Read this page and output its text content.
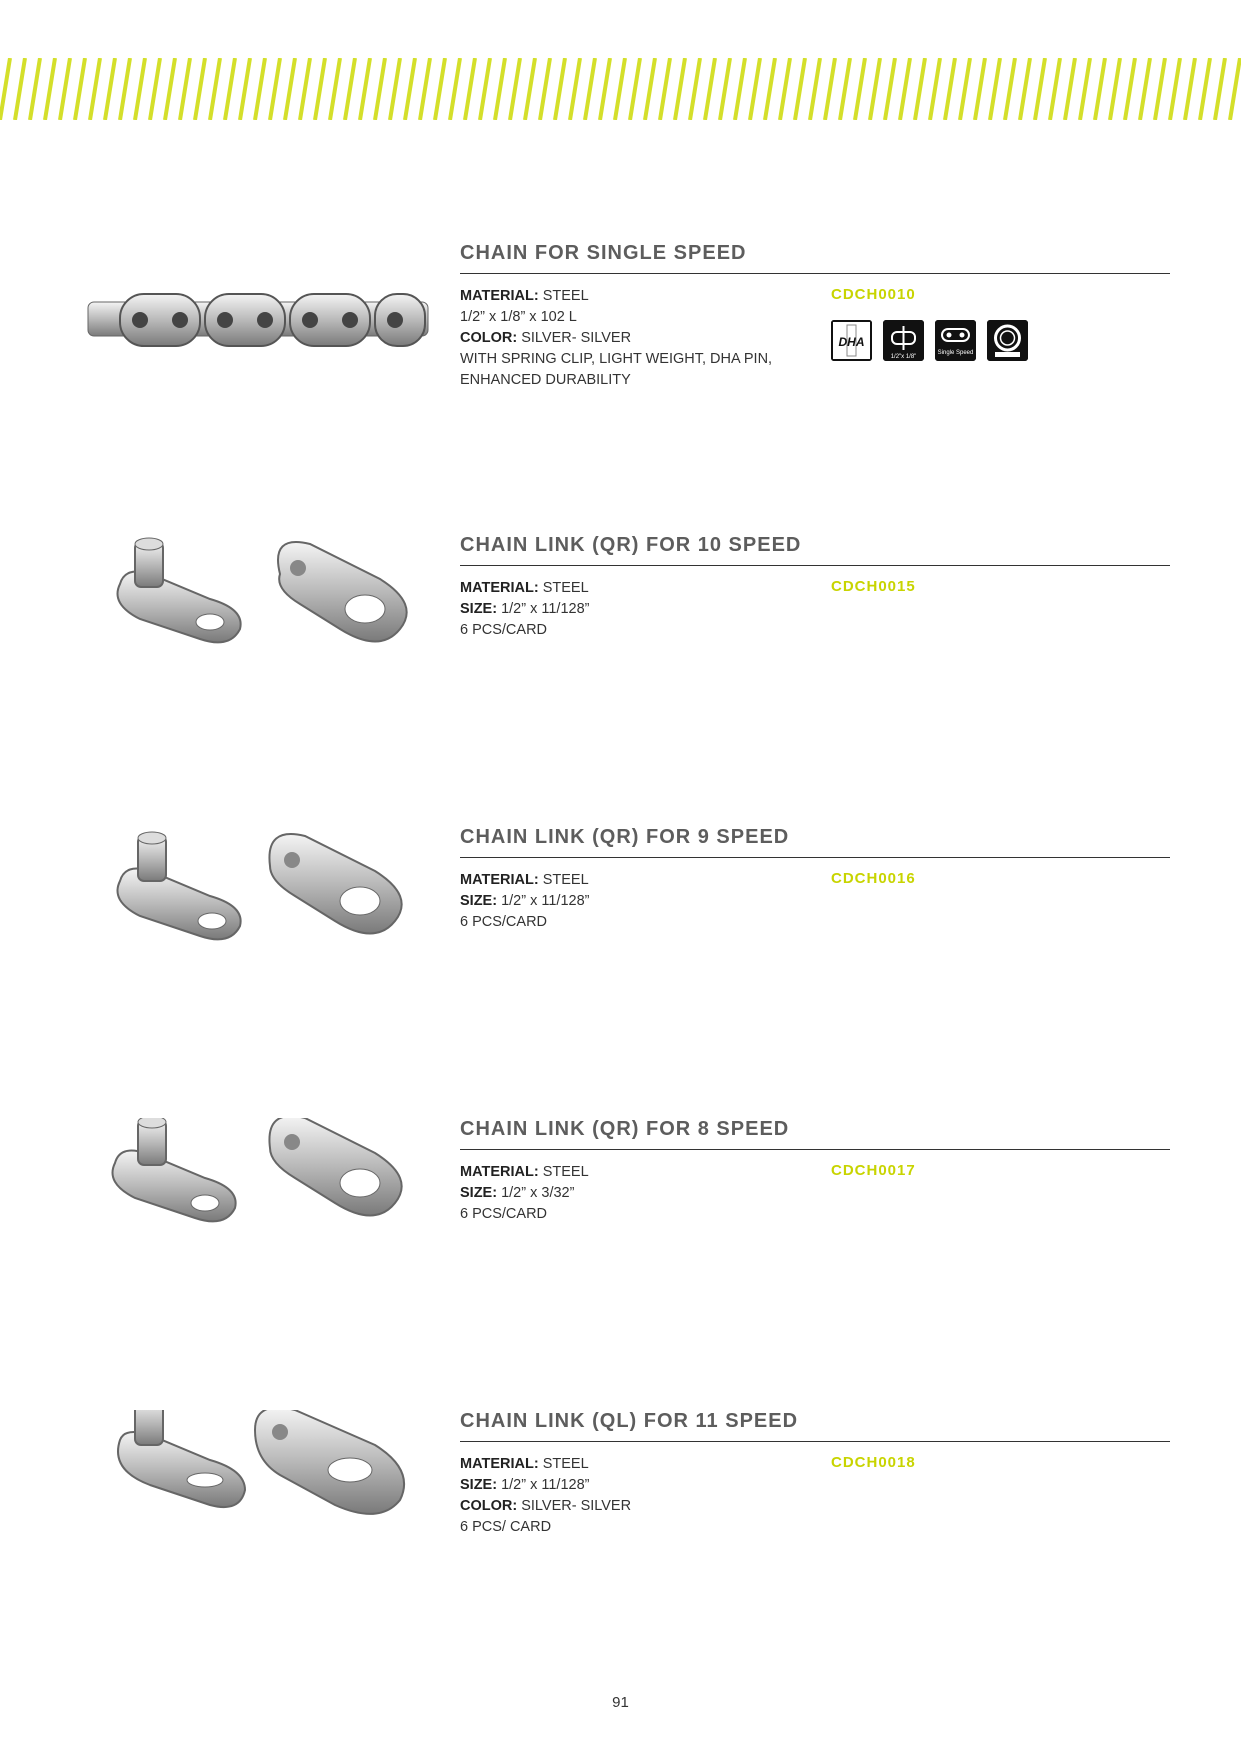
CHAIN FOR SINGLE SPEED
MATERIAL: STEEL
1/2” x 1/8” x 102 L
COLOR: SILVER- SILVER
WITH SPRING CLIP, LIGHT WEIGHT, DHA PIN,
ENHANCED DURABILITY
CDCH0010
DHA
1/2"x 1/8"
Single Speed
CHAIN LINK (QR) FOR 10 SPEED
MATERIAL: STEEL
SIZE: 1/2” x 11/128”
6 PCS/CARD
CDCH0015
CHAIN LINK (QR) FOR 9 SPEED
MATERIAL: STEEL
SIZE: 1/2” x 11/128”
6 PCS/CARD
CDCH0016
CHAIN LINK (QR) FOR 8 SPEED
MATERIAL: STEEL
SIZE: 1/2” x 3/32”
6 PCS/CARD
CDCH0017
CHAIN LINK (QL) FOR 11 SPEED
MATERIAL: STEEL
SIZE: 1/2” x 11/128”
COLOR: SILVER- SILVER
6 PCS/ CARD
CDCH0018
91
